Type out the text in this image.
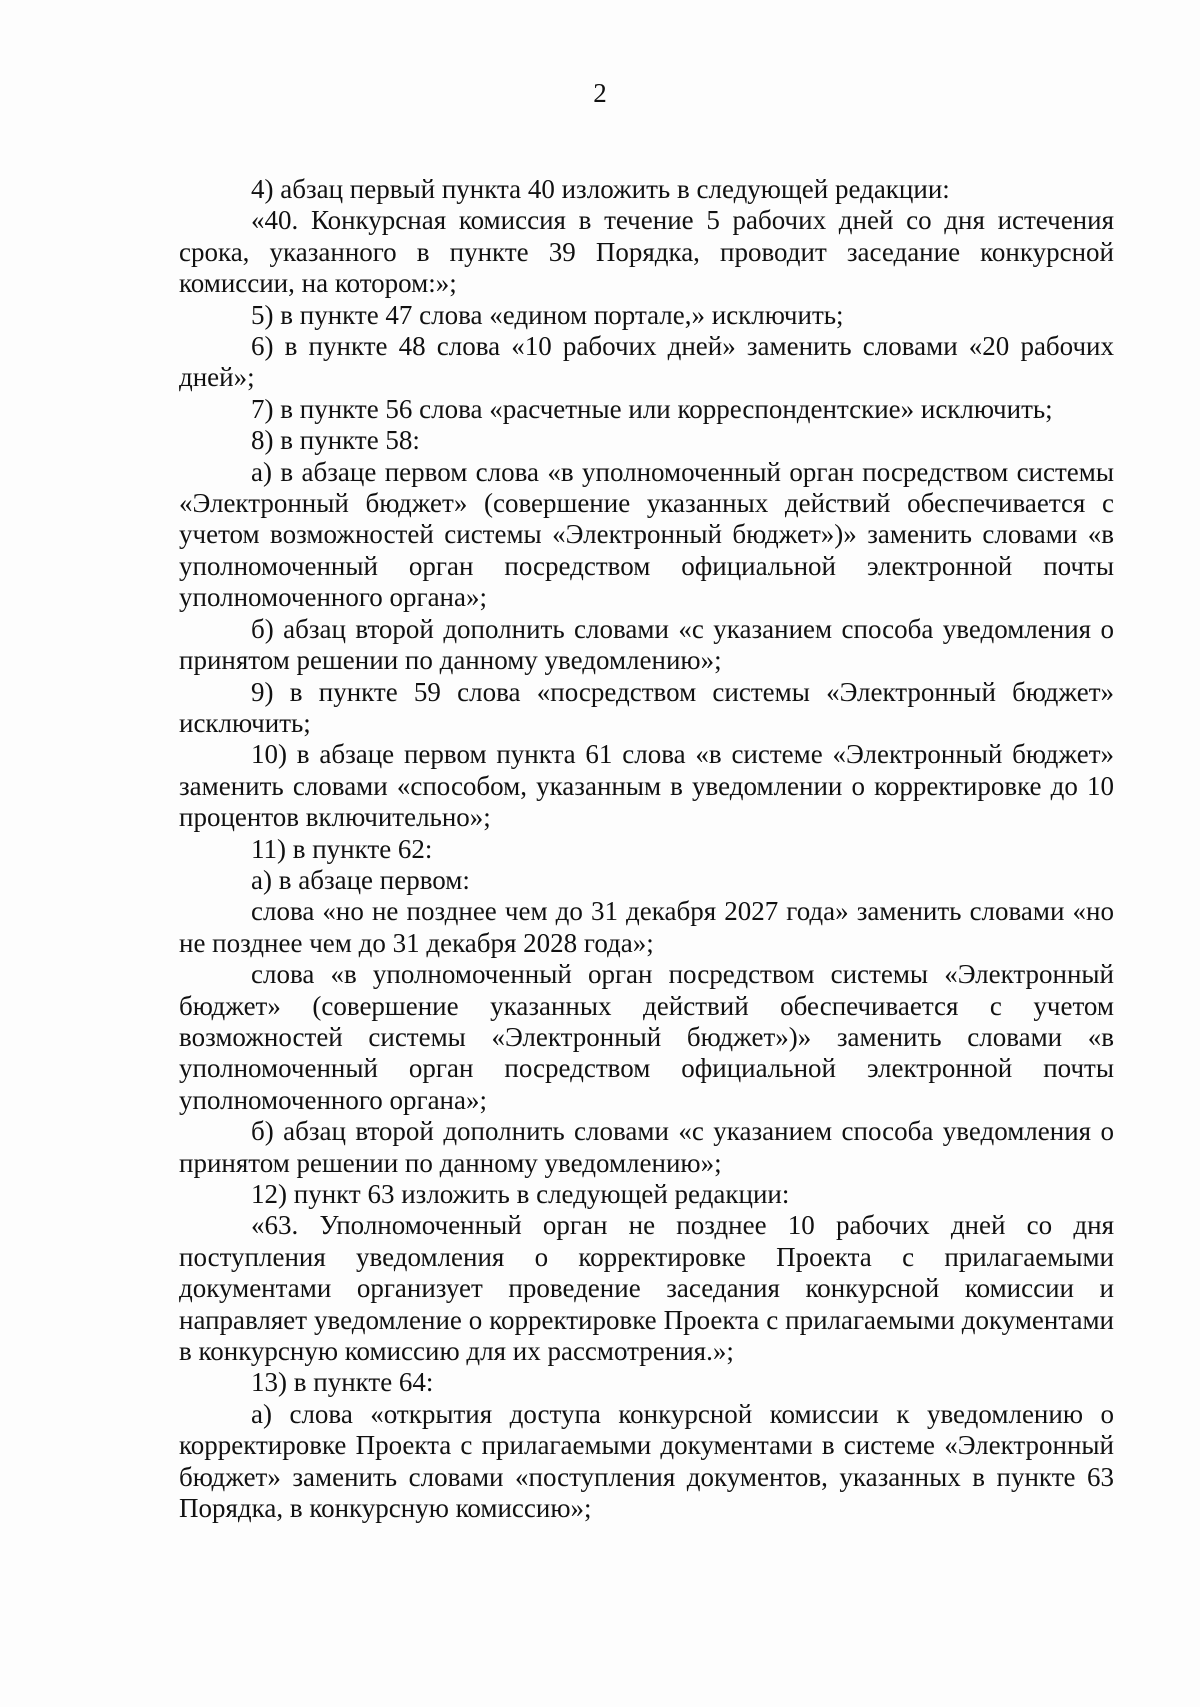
2

4) абзац первый пункта 40 изложить в следующей редакции:

«40. Конкурсная комиссия в течение 5 рабочих дней со дня истечения срока, указанного в пункте 39 Порядка, проводит заседание конкурсной комиссии, на котором:»;

5) в пункте 47 слова «едином портале,» исключить;

6) в пункте 48 слова «10 рабочих дней» заменить словами «20 рабочих дней»;

7) в пункте 56 слова «расчетные или корреспондентские» исключить;

8) в пункте 58:

а) в абзаце первом слова «в уполномоченный орган посредством системы «Электронный бюджет» (совершение указанных действий обеспечивается с учетом возможностей системы «Электронный бюджет»)» заменить словами «в уполномоченный орган посредством официальной электронной почты уполномоченного органа»;

б) абзац второй дополнить словами «с указанием способа уведомления о принятом решении по данному уведомлению»;

9) в пункте 59 слова «посредством системы «Электронный бюджет» исключить;

10) в абзаце первом пункта 61 слова «в системе «Электронный бюджет» заменить словами «способом, указанным в уведомлении о корректировке до 10 процентов включительно»;

11) в пункте 62:

а) в абзаце первом:

слова «но не позднее чем до 31 декабря 2027 года» заменить словами «но не позднее чем до 31 декабря 2028 года»;

слова «в уполномоченный орган посредством системы «Электронный бюджет» (совершение указанных действий обеспечивается с учетом возможностей системы «Электронный бюджет»)» заменить словами «в уполномоченный орган посредством официальной электронной почты уполномоченного органа»;

б) абзац второй дополнить словами «с указанием способа уведомления о принятом решении по данному уведомлению»;

12) пункт 63 изложить в следующей редакции:

«63. Уполномоченный орган не позднее 10 рабочих дней со дня поступления уведомления о корректировке Проекта с прилагаемыми документами организует проведение заседания конкурсной комиссии и направляет уведомление о корректировке Проекта с прилагаемыми документами в конкурсную комиссию для их рассмотрения.»;

13) в пункте 64:

а) слова «открытия доступа конкурсной комиссии к уведомлению о корректировке Проекта с прилагаемыми документами в системе «Электронный бюджет» заменить словами «поступления документов, указанных в пункте 63 Порядка, в конкурсную комиссию»;
